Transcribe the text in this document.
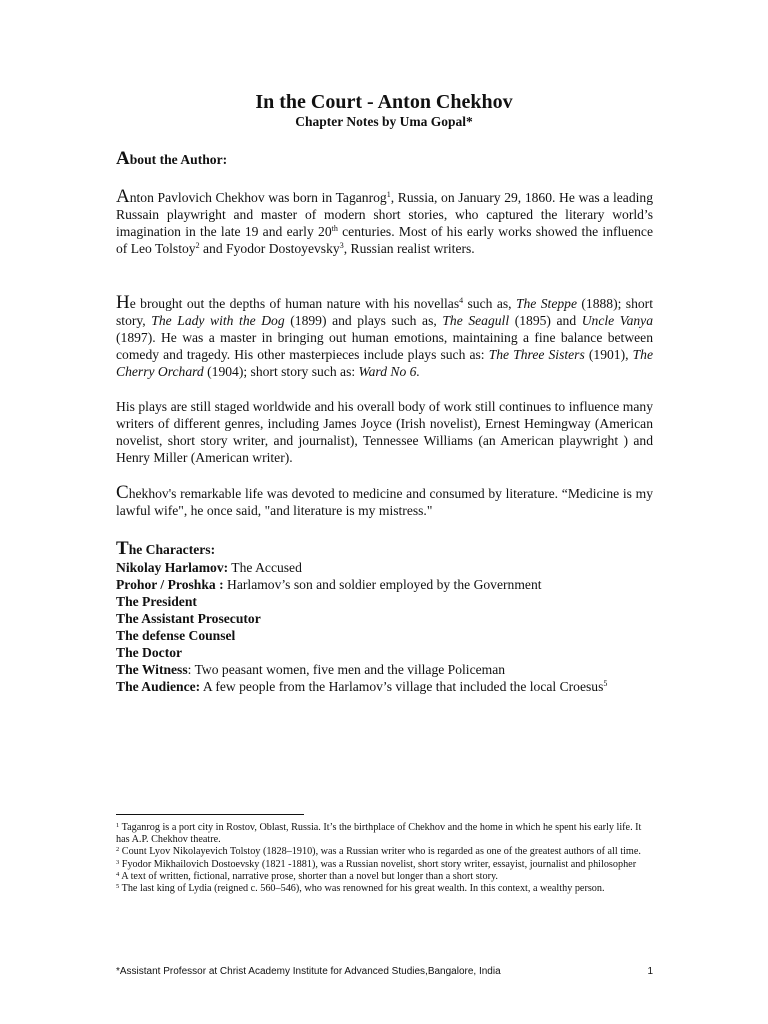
In the Court - Anton Chekhov
Chapter Notes by Uma Gopal*
About the Author:

Anton Pavlovich Chekhov was born in Taganrog$^1$, Russia, on January 29, 1860. He was a leading Russain playwright and master of modern short stories, who captured the literary world’s imagination in the late 19 and early 20th centuries. Most of his early works showed the influence of Leo Tolstoy$^2$ and Fyodor Dostoyevsky$^3$, Russian realist writers.

He brought out the depths of human nature with his novellas$^4$ such as, The Steppe (1888); short story, The Lady with the Dog (1899) and plays such as, The Seagull (1895) and Uncle Vanya (1897). He was a master in bringing out human emotions, maintaining a fine balance between comedy and tragedy. His other masterpieces include plays such as: The Three Sisters (1901), The Cherry Orchard (1904); short story such as: Ward No 6.

His plays are still staged worldwide and his overall body of work still continues to influence many writers of different genres, including James Joyce (Irish novelist), Ernest Hemingway (American novelist, short story writer, and journalist), Tennessee Williams (an American playwright ) and Henry Miller (American writer).

Chekhov's remarkable life was devoted to medicine and consumed by literature. “Medicine is my lawful wife", he once said, "and literature is my mistress."

The Characters:
Nikolay Harlamov: The Accused
Prohor / Proshka : Harlamov’s son and soldier employed by the Government
The President
The Assistant Prosecutor
The defense Counsel
The Doctor
The Witness: Two peasant women, five men and the village Policeman
The Audience: A few people from the Harlamov’s village that included the local Croesus$^5$
$^1$ Taganrog is a port city in Rostov, Oblast, Russia. It’s the birthplace of Chekhov and the home in which he spent his early life. It has A.P. Chekhov theatre.
$^2$ Count Lyov Nikolayevich Tolstoy (1828–1910), was a Russian writer who is regarded as one of the greatest authors of all time.
$^3$ Fyodor Mikhailovich Dostoevsky (1821 -1881), was a Russian novelist, short story writer, essayist, journalist and philosopher
$^4$ A text of written, fictional, narrative prose, shorter than a novel but longer than a short story.
$^5$ The last king of Lydia (reigned c. 560–546), who was renowned for his great wealth. In this context, a wealthy person.
*Assistant Professor at Christ Academy Institute for Advanced Studies,Bangalore, India	1
